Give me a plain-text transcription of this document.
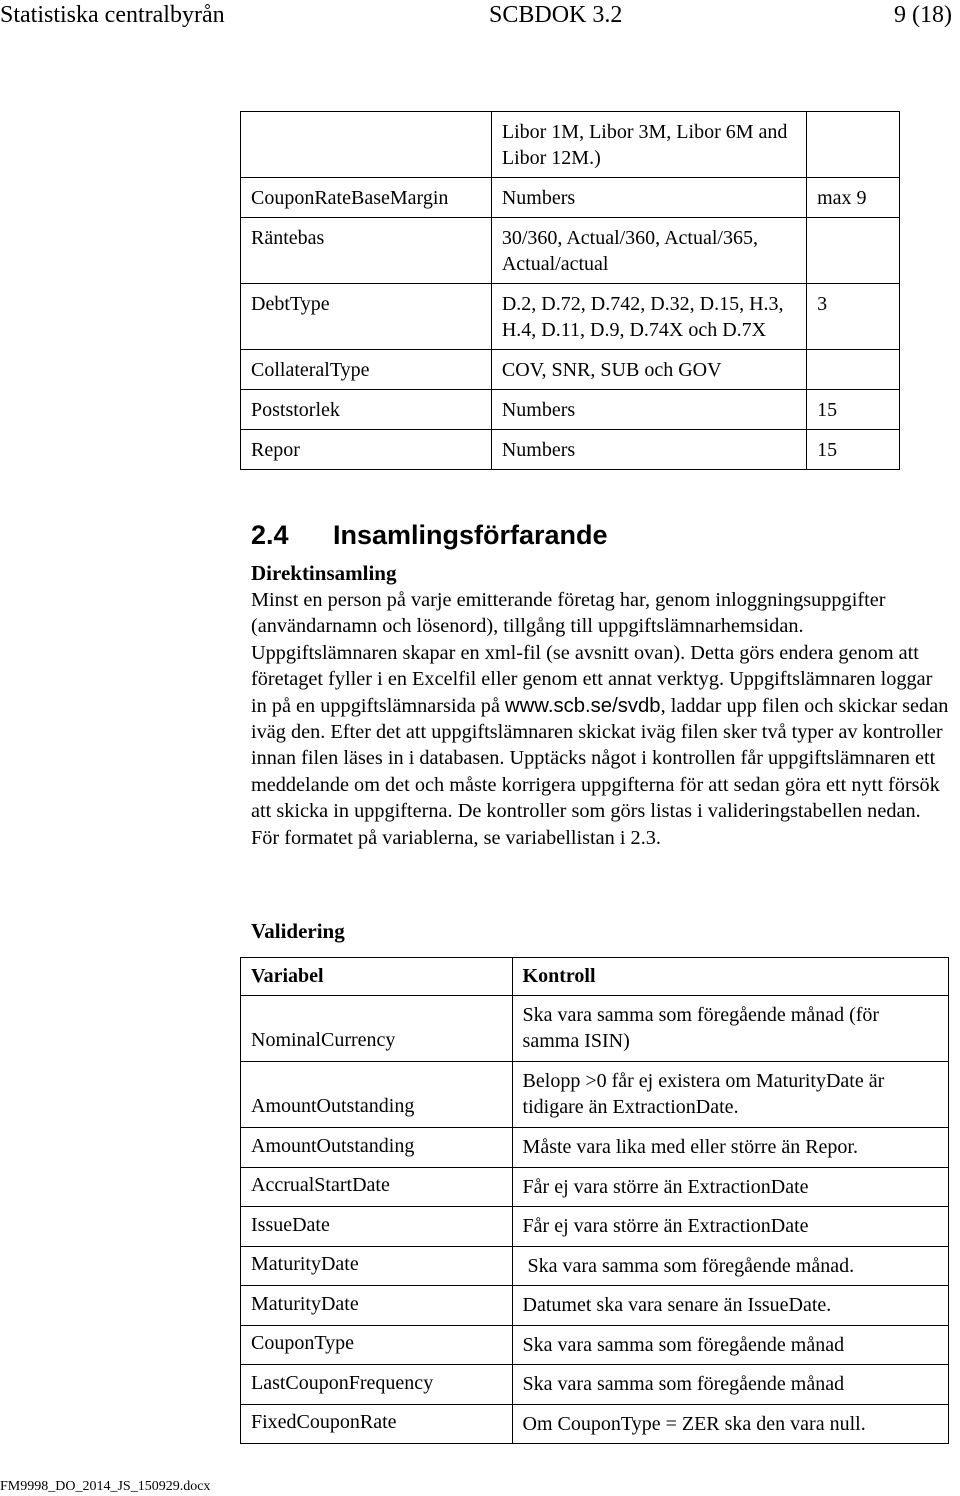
Statistiska centralbyrån	SCBDOK 3.2	9 (18)
	Libor 1M, Libor 3M, Libor 6M and Libor 12M.)	
CouponRateBaseMargin	Numbers	max 9
Räntebas	30/360, Actual/360, Actual/365, Actual/actual	
DebtType	D.2, D.72, D.742, D.32, D.15, H.3, H.4, D.11, D.9, D.74X och D.7X	3
CollateralType	COV, SNR, SUB och GOV	
Poststorlek	Numbers	15
Repor	Numbers	15
2.4 Insamlingsförfarande
Direktinsamling
Minst en person på varje emitterande företag har, genom inloggningsuppgifter (användarnamn och lösenord), tillgång till uppgiftslämnarhemsidan. Uppgiftslämnaren skapar en xml-fil (se avsnitt ovan). Detta görs endera genom att företaget fyller i en Excelfil eller genom ett annat verktyg. Uppgiftslämnaren loggar in på en uppgiftslämnarsida på www.scb.se/svdb, laddar upp filen och skickar sedan iväg den. Efter det att uppgiftslämnaren skickat iväg filen sker två typer av kontroller innan filen läses in i databasen. Upptäcks något i kontrollen får uppgiftslämnaren ett meddelande om det och måste korrigera uppgifterna för att sedan göra ett nytt försök att skicka in uppgifterna. De kontroller som görs listas i valideringstabellen nedan. För formatet på variablerna, se variabellistan i 2.3.
Validering
Variabel	Kontroll
NominalCurrency	Ska vara samma som föregående månad (för samma ISIN)
AmountOutstanding	Belopp >0 får ej existera om MaturityDate är tidigare än ExtractionDate.
AmountOutstanding	Måste vara lika med eller större än Repor.
AccrualStartDate	Får ej vara större än ExtractionDate
IssueDate	Får ej vara större än ExtractionDate
MaturityDate	Ska vara samma som föregående månad.
MaturityDate	Datumet ska vara senare än IssueDate.
CouponType	Ska vara samma som föregående månad
LastCouponFrequency	Ska vara samma som föregående månad
FixedCouponRate	Om CouponType = ZER ska den vara null.
FM9998_DO_2014_JS_150929.docx
